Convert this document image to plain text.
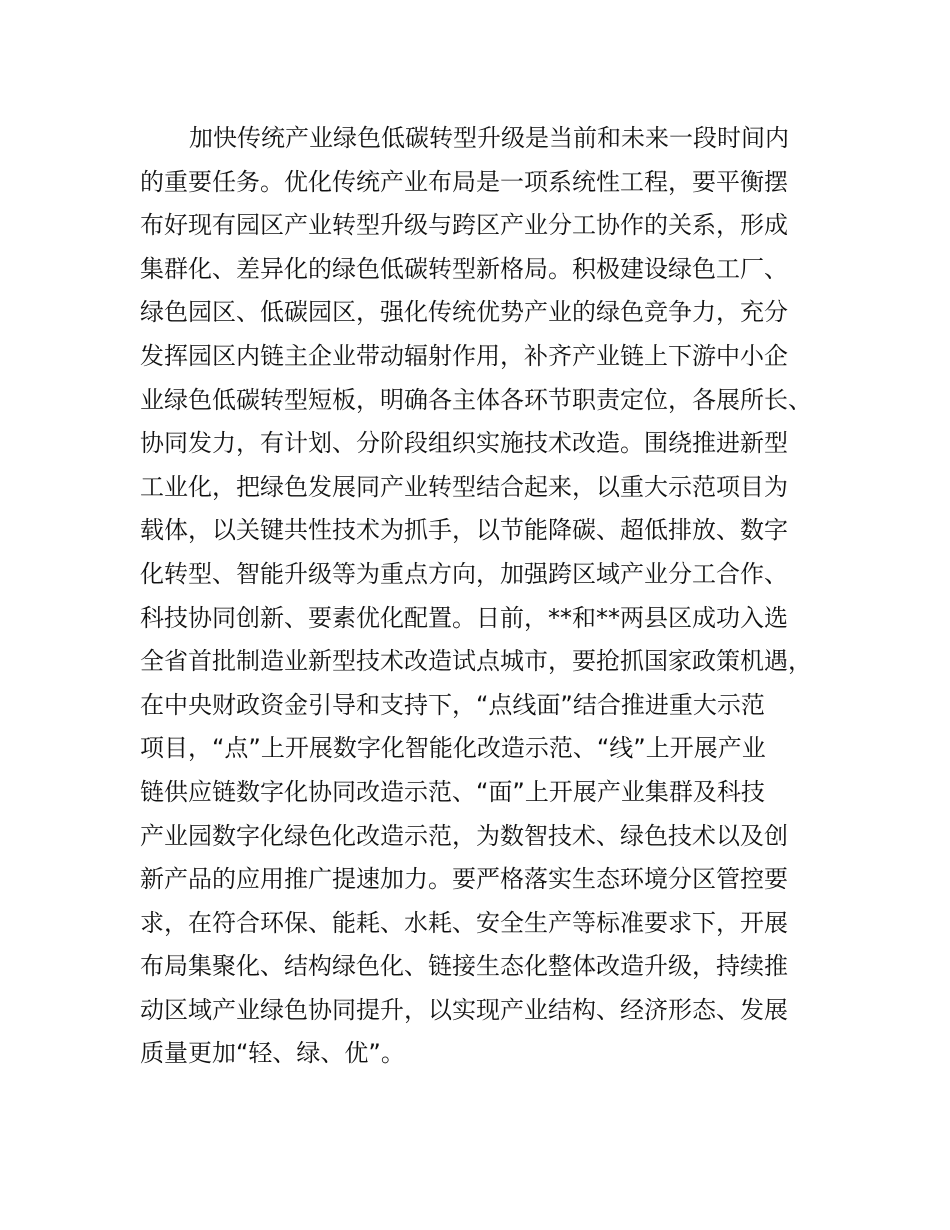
加快传统产业绿色低碳转型升级是当前和未来一段时间内
的重要任务。优化传统产业布局是一项系统性工程，要平衡摆
布好现有园区产业转型升级与跨区产业分工协作的关系，形成
集群化、差异化的绿色低碳转型新格局。积极建设绿色工厂、
绿色园区、低碳园区，强化传统优势产业的绿色竞争力，充分
发挥园区内链主企业带动辐射作用，补齐产业链上下游中小企
业绿色低碳转型短板，明确各主体各环节职责定位，各展所长、
协同发力，有计划、分阶段组织实施技术改造。围绕推进新型
工业化，把绿色发展同产业转型结合起来，以重大示范项目为
载体，以关键共性技术为抓手，以节能降碳、超低排放、数字
化转型、智能升级等为重点方向，加强跨区域产业分工合作、
科技协同创新、要素优化配置。日前，**和**两县区成功入选
全省首批制造业新型技术改造试点城市，要抢抓国家政策机遇，
在中央财政资金引导和支持下，“点线面”结合推进重大示范
项目，“点”上开展数字化智能化改造示范、“线”上开展产业
链供应链数字化协同改造示范、“面”上开展产业集群及科技
产业园数字化绿色化改造示范，为数智技术、绿色技术以及创
新产品的应用推广提速加力。要严格落实生态环境分区管控要
求，在符合环保、能耗、水耗、安全生产等标准要求下，开展
布局集聚化、结构绿色化、链接生态化整体改造升级，持续推
动区域产业绿色协同提升，以实现产业结构、经济形态、发展
质量更加“轻、绿、优”。
